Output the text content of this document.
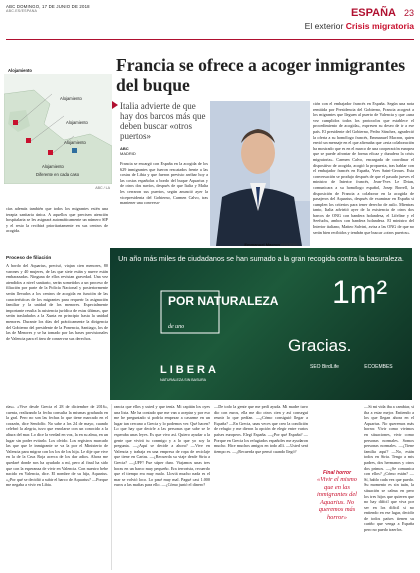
ABC DOMINGO, 17 DE JUNIO DE 2018
ABC.ES/ESPANA	ESPAÑA 23
El exterior Crisis migratoria
Alojamiento
Alojamiento
Alojamiento
Alojamiento
Alojamiento
Diferente en cada caso
ABC / LA
Francia se ofrece a acoger inmigrantes del buque
Italia advierte de que hay dos barcos más que deben buscar «otros puertos»
ABC
MADRID
Francia se encargó con España en la acogida de los 629 inmigrantes que fueron rescatados frente a las costas de Libia y que fueron previsto arribar hoy a las costas españolas a bordo del buque Aquarius y de otros dos navíos, después de que Italia y Malta les cerraron sus puertos, según anunció ayer la vicepresidenta del Gobierno, Carmen Calvo, tras mantener una conversa-
Emmanuel Macron REUTERS
ción con el embajador francés en España. Según una nota remitida por Presidencia del Gobierno, Francia acogerá a los migrantes que lleguen al puerto de Valencia y que «una vez cumplidos todos los protocolos que establece el procedimiento de acogida», expresen su deseo de ir a ese país. El presidente del Gobierno, Pedro Sánchez, agradeció la oferta a su homólogo francés, Emmanuel Macron, quien envió un mensaje en el que afirmaba que «esta colaboración ha mostrado que es en el marco de una cooperación europea que se puede afrontar de forma eficaz y duradera la crisis migratoria». Carmen Calvo, encargada de coordinar el dispositivo de acogida, acogió la propuesta, tras hablar con el embajador francés en España, Yves Saint-Geours. Esta conversación se produjo después de que el pasado jueves el ministro de Interior francés, Jean-Yves Le Drian, comunicara a su homólogo español, Josep Borrell, la disposición de Francia a colaborar en la acogida de pasajeros del Aquarius, después de examinar en España si cumplen los criterios para tener derecho de asilo. Mientras tanto, Italia advirtió ayer de la existencia de otros dos barcos de ONG con bandera holandesa, el Lifeline y el Seefuchs, ambos con bandera holandesa. El ministro del Interior italiano, Matteo Salvini, avisa a las ONG de que no serán bien recibidos y tendrán que buscar «otros puertos».
cías además también que todos los migrantes estén una terapia sanitaria única. A aquellos que precisen atención hospitalaria se les asignará automáticamente un número SIP y el resto la recibirá prioritariamente en sus centros de acogida.
Proceso de filiación
A bordo del Aquarius, precisó, viajan cien menores, 80 varones y 40 mujeres, de las que siete están y nueve están embarazadas. Ninguna de ellos revistan gravedad. Una vez atendidos a nivel sanitario, serán sometidos a un proceso de filiación por parte de la Policía Nacional y posteriormente serán llevados a los centros de acogida en función de las características de los migrantes para requerir la asignación familiar y la unidad de los menores. Especialmente importante resulta la asistencia jurídica de estas últimas, que serán trasladados a la Xunta en principio hasta la unidad menores. Durante los días del prácticamente la dirigencia del Gobierno del presidente de la Ponencia, Santiago, los de las de Menores y se ha tomado por las bases provisionales de Valencia para el área de conservar sus derechos.
Un año más miles de ciudadanos se han sumado a la gran recogida contra la basuraleza.
POR NATURALEZA
de uno
1m²
Gracias.
LIBERA
NATURALEZA SIN BASURA
SEO BirdLife	ECOEMBES
rías». «Vive desde Grecia el 28 de diciembre de 2016», cuenta, realizando la fecha consulta la mismas graduada en la gral. Pero no son las fechas lo que tiene marcado en el corazón, dice Sendolfo. No sabe a los 24 de mayo, cuando celebró la alegria, tuvo que enrolarse con un conocido a la altura del mar. Lo dice la verdad en voz, la en su alma, en un lugar sin poder evitarlo. Los olvido. Los registros marcado las que que le inmigrante se va la por el Ministerio de Valencia para migrar con los los de los hija. Le dije que vive en la de la Cruz Roja acerca de los dar adios. Ahora me quedaré donde nos ha ayudado a mí, pero al final ha sido que con la esperanza de vivir en Valencia. Con nuestro bebe nacido en Valencia, dice. El nombre de su hija, Aquarius. «¿Por qué se decidió a subir el barco de Aquarius? —Porque me negaba a vivir en Libia.
rancia que ellos y usted y que tenía. Mi capitán los oyes una lista. Me ha contado que me van a aceptar y por eso me he preguntado si podría empezar a casarme en un lugar tan cercano a Grecia y lo podemos ver. Qué hacen? Lo que hay que decirle a las personas que sabe se le esperaba unas leyes. Es que vivo así. Quiero ayudar a la gente que vivirá tu conmigo y a lo que yo soy la pregunta. —¿Aquí se decide a ahora? —Vive en Valencia y trabaja en una empresa de ropa de reciclaje que tiene en Cartas. —¿Recuerda su viaje desde Siria a Grecia? —¡UFF! Fue súper duro. Viajamos unas tres horas en un barco muy pequeño. Era terrorista, recuerdo que el tiempo era muy malo. Lloviá mucho nada es el mar se volvió loco. Lo pasé muy mal. Pagué casi 1.000 euros a las mafias para ello. —¿Cómo juntó el dinero?
—De todo la gente que me pedí ayuda. Mi madre tuvo dio con euros, ella me dio otros cien y así conseguí reunir lo que pedían. —¿Cómo consiguió llegar a España? —En Grecia, unas veces que creo la condición de refugio y me dieron la opción de elegir entre varios países europeos. Elegí España. —¿Por qué España? —Porque en Grecia los refugiados españoles me ayudaron mucho. Hice muchos amigos en todo allí. —Usted será tiempo es. —¿Recuerda que pensó cuando llegó?
Final horror
«Vivir el mismo que en las inmigrantes del Aquarius. No queremos más horror»
—Si mi vida iba a cambiar, si iba a estar mejor. Entiendo a los que llegan ahora en el Aquarius. No queremos más horror. Vivir como vivimos en situaciones, vivir como personas normales. Somos personas normales. —¿Tiene familia aquí? —No, están todos en Siria. Tengo a mis padres, dos hermanos y otros dos primos. —¿Se comunica con ellos? ¿Cómo están? —Sí, hablo cada vez que puedo. Su momento es sin tuán, la situación se calma en pero los tres hijos que quieren que no hay difícil que viva por ser en los difícil si no entiendo en ese lugar, decidir de todos países tienen su cariño que venga a España pero no puedo traerlos.
